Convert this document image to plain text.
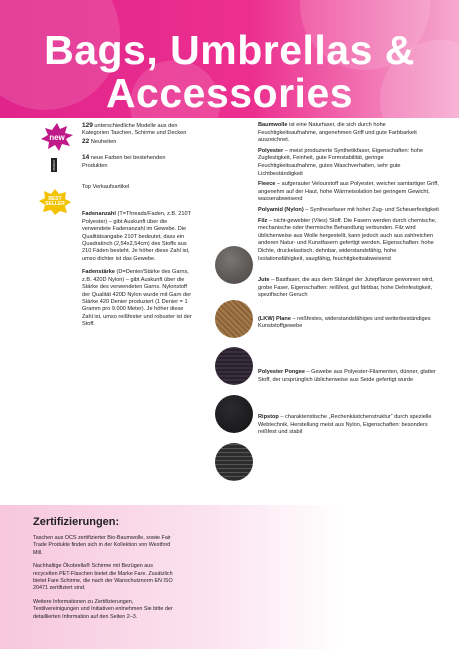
Bags, Umbrellas &
Accessories
new
FABRIC
BEST SELLER

129 unterschiedliche Modelle aus den Kategorien Taschen, Schirme und Decken
22 Neuheiten

14 neue Farben bei bestehenden Produkten

Top Verkaufsartikel

Fadenanzahl (T=Threads/Faden, z.B. 210T Polyester) – gibt Auskunft über die verwendete Fadenanzahl im Gewebe. Die Qualitätsangabe 210T bedeutet, dass ein Quadratinch (2,54x2,54cm) des Stoffs aus 210 Fäden besteht. Je höher diese Zahl ist, umso dichter ist das Gewebe.

Fadenstärke (D=Denier/Stärke des Garns, z.B. 420D Nylon) – gibt Auskunft über die Stärke des verwendeten Garns. Nylonstoff der Qualität 420D Nylon wurde mit Garn der Stärke 420 Denier produziert (1 Denier = 1 Gramm pro 9.000 Meter). Je höher diese Zahl ist, umso reißfester und robuster ist der Stoff.

Baumwolle ist eine Naturfaser, die sich durch hohe Feuchtigkeitsaufnahme, angenehmen Griff und gute Farbbarkeit auszeichnet.

Polyester – meist produzierte Synthetikfaser, Eigenschaften: hohe Zugfestigkeit, Feinheit, gute Formstabilität, geringe Feuchtigkeitsaufnahme, gutes Waschverhalten, sehr gute Lichtbeständigkeit

Fleece – aufgerauter Velourstoff aus Polyester, weicher samtartiger Griff, angenehm auf der Haut, hohe Wärmeisolation bei geringem Gewicht, wasserabweisend

Polyamid (Nylon) – Synthesefaser mit hoher Zug- und Scheuerfestigkeit

Filz – nicht-gewebter (Vlies) Stoff. Die Fasern werden durch chemische, mechanische oder thermische Behandlung verbunden. Filz wird üblicherweise aus Wolle hergestellt, kann jedoch auch aus zahlreichen anderen Natur- und Kunstfasern gefertigt werden. Eigenschaften: hohe Dichte, druckelastisch, dehnbar, widerstandsfähig, hohe Isolationsfähigkeit, saugfähig, feuchtigkeitsabweisend

Jute – Bastfaser, die aus dem Stängel der Jutepflanze gewonnen wird, grobe Faser, Eigenschaften: reißfest, gut färbbar, hohe Dehnfestigkeit, spezifischer Geruch

(LKW) Plane – reißfestes, widerstandsfähiges und wetterbeständiges Kunststoffgewebe

Polyester Pongee – Gewebe aus Polyester-Filamenten, dünner, glatter Stoff, der ursprünglich üblicherweise aus Seide gefertigt wurde

Ripstop – charakteristische „Rechenkästchenstruktur“ durch spezielle Webtechnik, Herstellung meist aus Nylon, Eigenschaften: besonders reißfest und stabil

Zertifizierungen:

Taschen aus OCS zertifizierter Bio-Baumwolle, sowie Fair Trade Produkte finden sich in der Kollektion von Westford Mill.

Nachhaltige Ökobrella® Schirme mit Bezügen aus recycelten PET-Flaschen bietet die Marke Fare. Zusätzlich bietet Fare Schirme, die nach der Wanschutznorm EN ISO 20471 zertifiziert sind.

Weitere Informationen zu Zertifizierungen, Textilvereinigungen und Initiativen entnehmen Sie bitte der detaillierten Information auf den Seiten 2–3.
